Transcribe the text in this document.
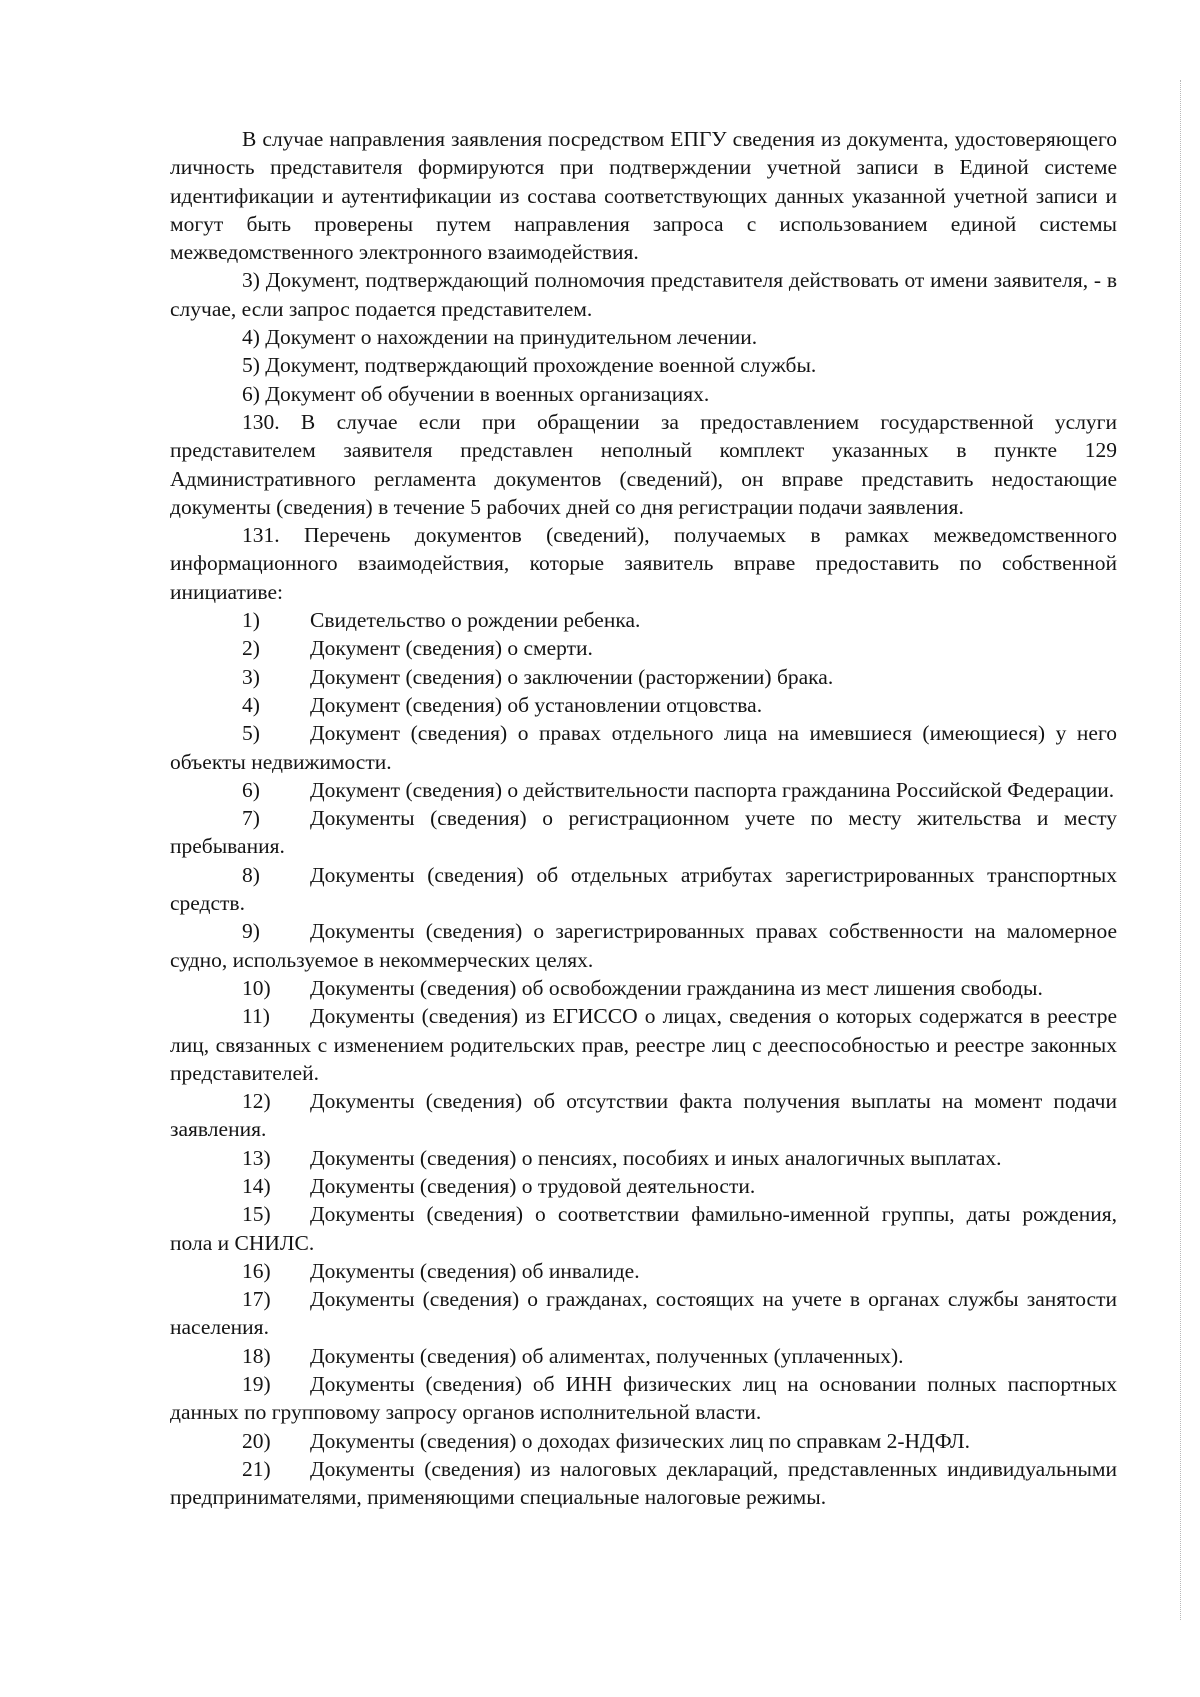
В случае направления заявления посредством ЕПГУ сведения из документа, удостоверяющего личность представителя формируются при подтверждении учетной записи в Единой системе идентификации и аутентификации из состава соответствующих данных указанной учетной записи и могут быть проверены путем направления запроса с использованием единой системы межведомственного электронного взаимодействия.

3) Документ, подтверждающий полномочия представителя действовать от имени заявителя, - в случае, если запрос подается представителем.

4) Документ о нахождении на принудительном лечении.

5) Документ, подтверждающий прохождение военной службы.

6) Документ об обучении в военных организациях.

130. В случае если при обращении за предоставлением государственной услуги представителем заявителя представлен неполный комплект указанных в пункте 129 Административного регламента документов (сведений), он вправе представить недостающие документы (сведения) в течение 5 рабочих дней со дня регистрации подачи заявления.

131. Перечень документов (сведений), получаемых в рамках межведомственного информационного взаимодействия, которые заявитель вправе предоставить по собственной инициативе:

1) Свидетельство о рождении ребенка.
2) Документ (сведения) о смерти.
3) Документ (сведения) о заключении (расторжении) брака.
4) Документ (сведения) об установлении отцовства.
5) Документ (сведения) о правах отдельного лица на имевшиеся (имеющиеся) у него объекты недвижимости.
6) Документ (сведения) о действительности паспорта гражданина Российской Федерации.
7) Документы (сведения) о регистрационном учете по месту жительства и месту пребывания.
8) Документы (сведения) об отдельных атрибутах зарегистрированных транспортных средств.
9) Документы (сведения) о зарегистрированных правах собственности на маломерное судно, используемое в некоммерческих целях.
10) Документы (сведения) об освобождении гражданина из мест лишения свободы.
11) Документы (сведения) из ЕГИССО о лицах, сведения о которых содержатся в реестре лиц, связанных с изменением родительских прав, реестре лиц с дееспособностью и реестре законных представителей.
12) Документы (сведения) об отсутствии факта получения выплаты на момент подачи заявления.
13) Документы (сведения) о пенсиях, пособиях и иных аналогичных выплатах.
14) Документы (сведения) о трудовой деятельности.
15) Документы (сведения) о соответствии фамильно-именной группы, даты рождения, пола и СНИЛС.
16) Документы (сведения) об инвалиде.
17) Документы (сведения) о гражданах, состоящих на учете в органах службы занятости населения.
18) Документы (сведения) об алиментах, полученных (уплаченных).
19) Документы (сведения) об ИНН физических лиц на основании полных паспортных данных по групповому запросу органов исполнительной власти.
20) Документы (сведения) о доходах физических лиц по справкам 2-НДФЛ.
21) Документы (сведения) из налоговых деклараций, представленных индивидуальными предпринимателями, применяющими специальные налоговые режимы.
